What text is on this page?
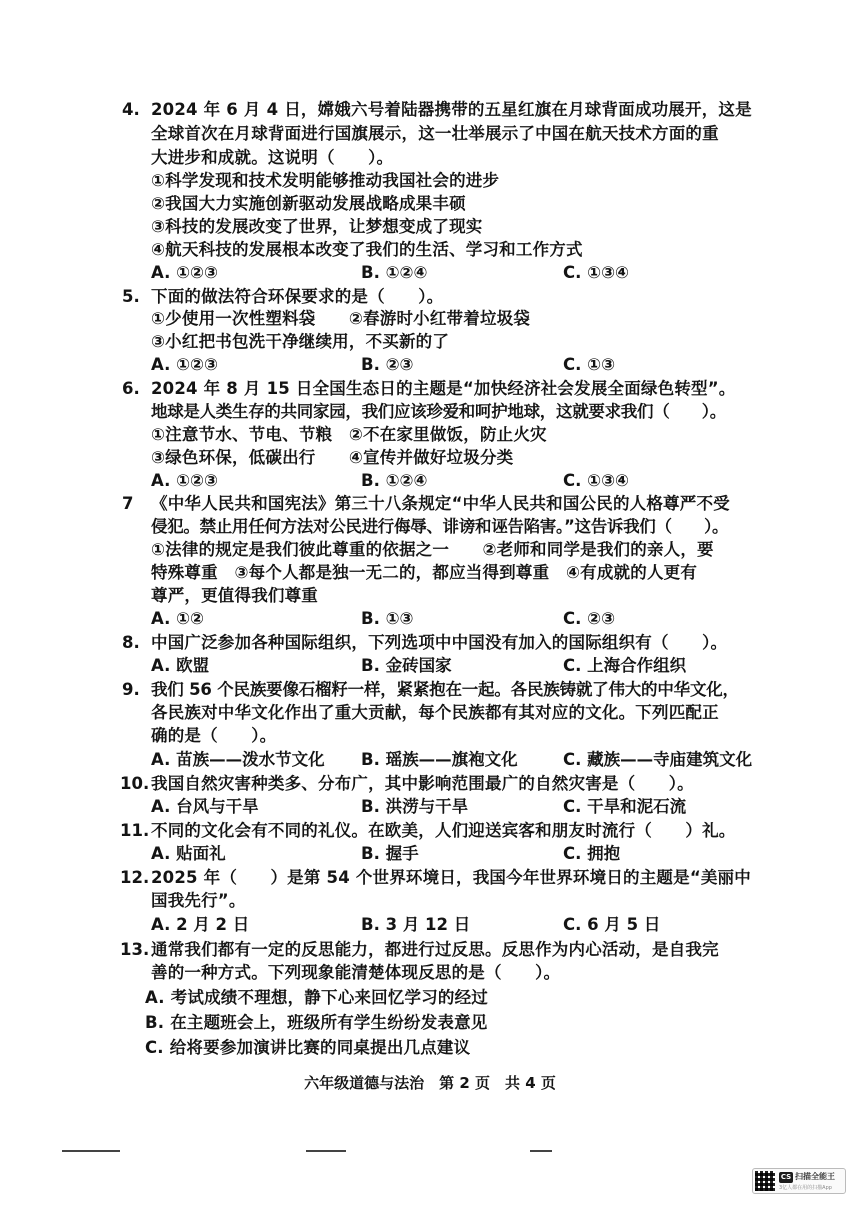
4. 2024 年 6 月 4 日，嫦娥六号着陆器携带的五星红旗在月球背面成功展开，这是
全球首次在月球背面进行国旗展示，这一壮举展示了中国在航天技术方面的重
大进步和成就。这说明（　　）。
①科学发现和技术发明能够推动我国社会的进步
②我国大力实施创新驱动发展战略成果丰硕
③科技的发展改变了世界，让梦想变成了现实
④航天科技的发展根本改变了我们的生活、学习和工作方式
A. ①②③	B. ①②④	C. ①③④
5. 下面的做法符合环保要求的是（　　）。
①少使用一次性塑料袋　　②春游时小红带着垃圾袋
③小红把书包洗干净继续用，不买新的了
A. ①②③	B. ②③	C. ①③
6. 2024 年 8 月 15 日全国生态日的主题是“加快经济社会发展全面绿色转型”。
地球是人类生存的共同家园，我们应该珍爱和呵护地球，这就要求我们（　　）。
①注意节水、节电、节粮　②不在家里做饭，防止火灾
③绿色环保，低碳出行　　④宣传并做好垃圾分类
A. ①②③	B. ①②④	C. ①③④
7 《中华人民共和国宪法》第三十八条规定“中华人民共和国公民的人格尊严不受
侵犯。禁止用任何方法对公民进行侮辱、诽谤和诬告陷害。”这告诉我们（　　）。
①法律的规定是我们彼此尊重的依据之一　　②老师和同学是我们的亲人，要
特殊尊重　③每个人都是独一无二的，都应当得到尊重　④有成就的人更有
尊严，更值得我们尊重
A. ①②	B. ①③	C. ②③
8. 中国广泛参加各种国际组织，下列选项中中国没有加入的国际组织有（　　）。
A. 欧盟	B. 金砖国家	C. 上海合作组织
9. 我们 56 个民族要像石榴籽一样，紧紧抱在一起。各民族铸就了伟大的中华文化，
各民族对中华文化作出了重大贡献，每个民族都有其对应的文化。下列匹配正
确的是（　　）。
A. 苗族——泼水节文化 B. 瑶族——旗袍文化	C. 藏族——寺庙建筑文化
10. 我国自然灾害种类多、分布广，其中影响范围最广的自然灾害是（　　）。
A. 台风与干旱	B. 洪涝与干旱	C. 干旱和泥石流
11. 不同的文化会有不同的礼仪。在欧美，人们迎送宾客和朋友时流行（　　）礼。
A. 贴面礼	B. 握手	C. 拥抱
12. 2025 年（　　）是第 54 个世界环境日，我国今年世界环境日的主题是“美丽中
国我先行”。
A. 2 月 2 日	B. 3 月 12 日	C. 6 月 5 日
13. 通常我们都有一定的反思能力，都进行过反思。反思作为内心活动，是自我完
善的一种方式。下列现象能清楚体现反思的是（　　）。
A. 考试成绩不理想，静下心来回忆学习的经过
B. 在主题班会上，班级所有学生纷纷发表意见
C. 给将要参加演讲比赛的同桌提出几点建议
六年级道德与法治　第 2 页　共 4 页
CS 扫描全能王
3亿人都在用的扫描App
